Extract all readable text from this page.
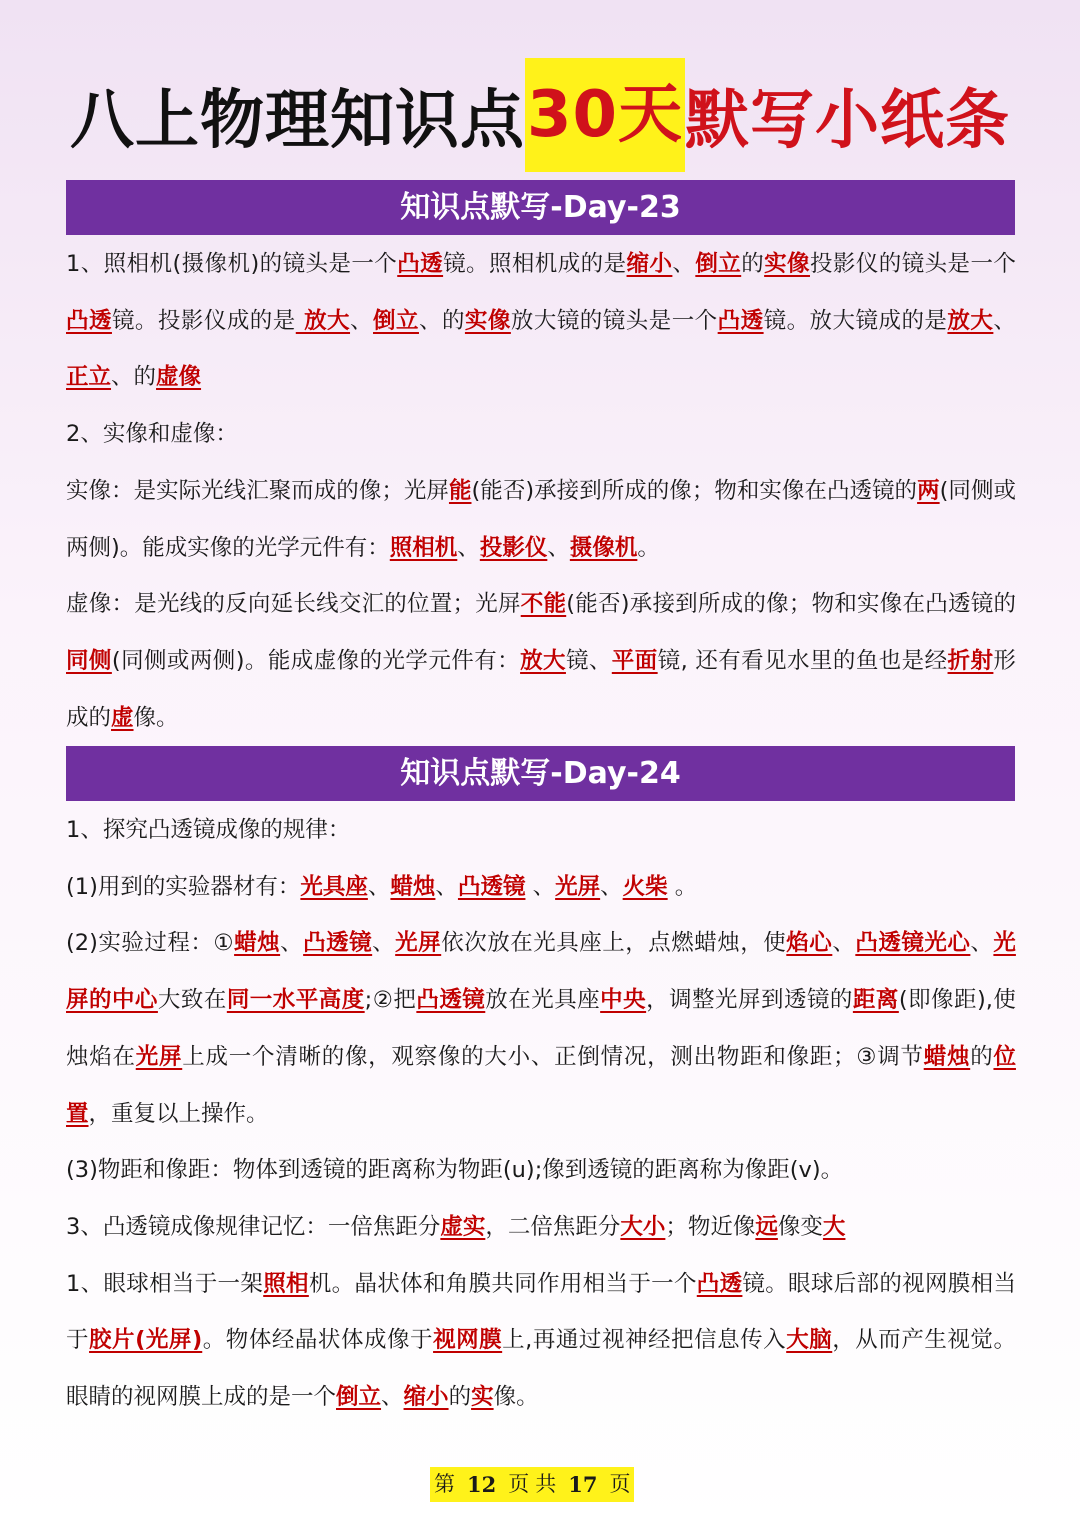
八上物理知识点 30天 默写小纸条
知识点默写-Day-23

1、照相机(摄像机)的镜头是一个凸透镜。照相机成的是缩小、倒立的实像投影仪的镜头是一个凸透镜。投影仪成的是 放大、倒立、的实像放大镜的镜头是一个凸透镜。放大镜成的是放大、正立、的虚像

2、实像和虚像：

实像：是实际光线汇聚而成的像；光屏能(能否)承接到所成的像；物和实像在凸透镜的两(同侧或两侧)。能成实像的光学元件有：照相机、投影仪、摄像机。

虚像：是光线的反向延长线交汇的位置；光屏不能(能否)承接到所成的像；物和实像在凸透镜的同侧(同侧或两侧)。能成虚像的光学元件有：放大镜、平面镜, 还有看见水里的鱼也是经折射形成的虚像。

知识点默写-Day-24

1、探究凸透镜成像的规律：

(1)用到的实验器材有：光具座、蜡烛、凸透镜 、光屏、火柴 。

(2)实验过程：①蜡烛、凸透镜、光屏依次放在光具座上，点燃蜡烛，使焰心、凸透镜光心、光屏的中心大致在同一水平高度;②把凸透镜放在光具座中央，调整光屏到透镜的距离(即像距),使烛焰在光屏上成一个清晰的像，观察像的大小、正倒情况，测出物距和像距；③调节蜡烛的位置，重复以上操作。

(3)物距和像距：物体到透镜的距离称为物距(u);像到透镜的距离称为像距(v)。

3、凸透镜成像规律记忆：一倍焦距分虚实，二倍焦距分大小；物近像远像变大

1、眼球相当于一架照相机。晶状体和角膜共同作用相当于一个凸透镜。眼球后部的视网膜相当于胶片(光屏)。物体经晶状体成像于视网膜上,再通过视神经把信息传入大脑，从而产生视觉。眼睛的视网膜上成的是一个倒立、缩小的实像。

第 12 页 共 17 页
